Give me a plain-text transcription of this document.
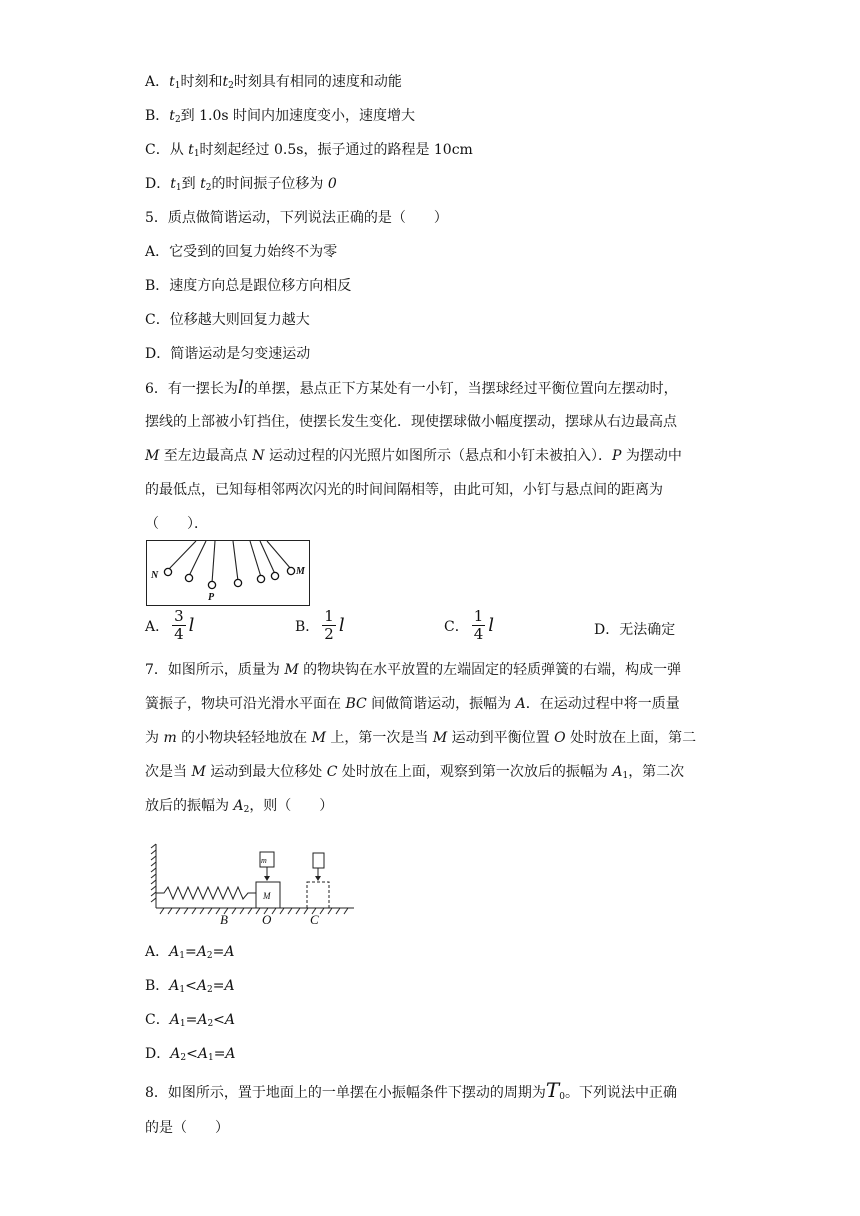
A．$t_1$时刻和$t_2$时刻具有相同的速度和动能
B．$t_2$到 1.0s 时间内加速度变小，速度增大
C．从 $t_1$时刻起经过 0.5s，振子通过的路程是 10cm
D．$t_1$到 $t_2$的时间振子位移为 0
5．质点做简谐运动，下列说法正确的是（　　）
A．它受到的回复力始终不为零
B．速度方向总是跟位移方向相反
C．位移越大则回复力越大
D．简谐运动是匀变速运动
6．有一摆长为l的单摆，悬点正下方某处有一小钉，当摆球经过平衡位置向左摆动时，
摆线的上部被小钉挡住，使摆长发生变化．现使摆球做小幅度摆动，摆球从右边最高点
M 至左边最高点 N 运动过程的闪光照片如图所示（悬点和小钉未被拍入）．P 为摆动中
的最低点，已知每相邻两次闪光的时间间隔相等，由此可知，小钉与悬点间的距离为
（　　）．
N	M
P
A． $\frac{3}{4}$ l	B． $\frac{1}{2}$ l	C． $\frac{1}{4}$ l	D． 无法确定
7．如图所示，质量为 M 的物块钩在水平放置的左端固定的轻质弹簧的右端，构成一弹
簧振子，物块可沿光滑水平面在 BC 间做简谐运动，振幅为 A．在运动过程中将一质量
为 m 的小物块轻轻地放在 M 上，第一次是当 M 运动到平衡位置 O 处时放在上面，第二
次是当 M 运动到最大位移处 C 处时放在上面，观察到第一次放后的振幅为 $A_1$，第二次
放后的振幅为 $A_2$，则（　　）
M
m
B	O	C
A．$A_1=A_2=A$
B．$A_1<A_2=A$
C．$A_1=A_2<A$
D．$A_2<A_1=A$
8．如图所示，置于地面上的一单摆在小振幅条件下摆动的周期为$T_0$。下列说法中正确
的是（　　）
